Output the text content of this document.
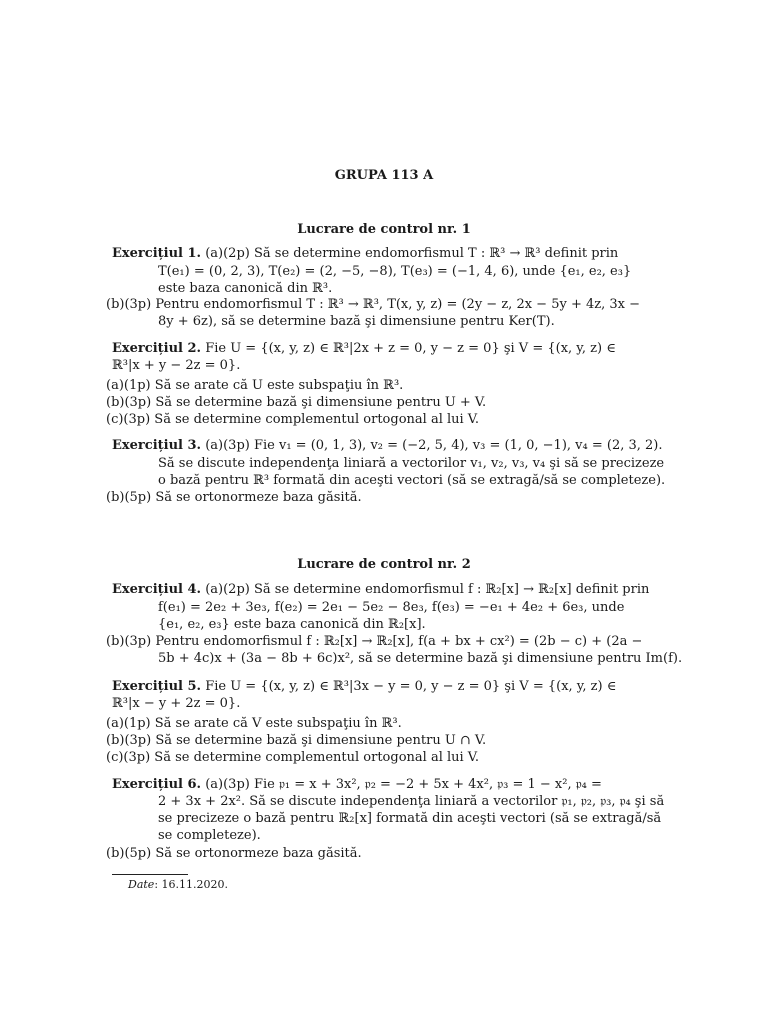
GRUPA 113 A
Lucrare de control nr. 1
Exercițiul 1. (a)(2p) Să se determine endomorfismul T : ℝ³ → ℝ³ definit prin
T(e₁) = (0, 2, 3), T(e₂) = (2, −5, −8), T(e₃) = (−1, 4, 6), unde {e₁, e₂, e₃}
este baza canonică din ℝ³.
(b)(3p) Pentru endomorfismul T : ℝ³ → ℝ³, T(x, y, z) = (2y − z, 2x − 5y + 4z, 3x −
8y + 6z), să se determine bază şi dimensiune pentru Ker(T).
Exercițiul 2. Fie U = {(x, y, z) ∈ ℝ³|2x + z = 0, y − z = 0} şi V = {(x, y, z) ∈
ℝ³|x + y − 2z = 0}.
(a)(1p) Să se arate că U este subspaţiu în ℝ³.
(b)(3p) Să se determine bază şi dimensiune pentru U + V.
(c)(3p) Să se determine complementul ortogonal al lui V.
Exercițiul 3. (a)(3p) Fie v₁ = (0, 1, 3), v₂ = (−2, 5, 4), v₃ = (1, 0, −1), v₄ = (2, 3, 2).
Să se discute independenţa liniară a vectorilor v₁, v₂, v₃, v₄ şi să se precizeze
o bază pentru ℝ³ formată din aceşti vectori (să se extragă/să se completeze).
(b)(5p) Să se ortonormeze baza găsită.
Lucrare de control nr. 2
Exercițiul 4. (a)(2p) Să se determine endomorfismul f : ℝ₂[x] → ℝ₂[x] definit prin
f(e₁) = 2e₂ + 3e₃, f(e₂) = 2e₁ − 5e₂ − 8e₃, f(e₃) = −e₁ + 4e₂ + 6e₃, unde
{e₁, e₂, e₃} este baza canonică din ℝ₂[x].
(b)(3p) Pentru endomorfismul f : ℝ₂[x] → ℝ₂[x], f(a + bx + cx²) = (2b − c) + (2a −
5b + 4c)x + (3a − 8b + 6c)x², să se determine bază şi dimensiune pentru Im(f).
Exercițiul 5. Fie U = {(x, y, z) ∈ ℝ³|3x − y = 0, y − z = 0} şi V = {(x, y, z) ∈
ℝ³|x − y + 2z = 0}.
(a)(1p) Să se arate că V este subspaţiu în ℝ³.
(b)(3p) Să se determine bază şi dimensiune pentru U ∩ V.
(c)(3p) Să se determine complementul ortogonal al lui V.
Exercițiul 6. (a)(3p) Fie 𝔭₁ = x + 3x², 𝔭₂ = −2 + 5x + 4x², 𝔭₃ = 1 − x², 𝔭₄ =
2 + 3x + 2x². Să se discute independenţa liniară a vectorilor 𝔭₁, 𝔭₂, 𝔭₃, 𝔭₄ şi să
se precizeze o bază pentru ℝ₂[x] formată din aceşti vectori (să se extragă/să
se completeze).
(b)(5p) Să se ortonormeze baza găsită.
Date: 16.11.2020.
